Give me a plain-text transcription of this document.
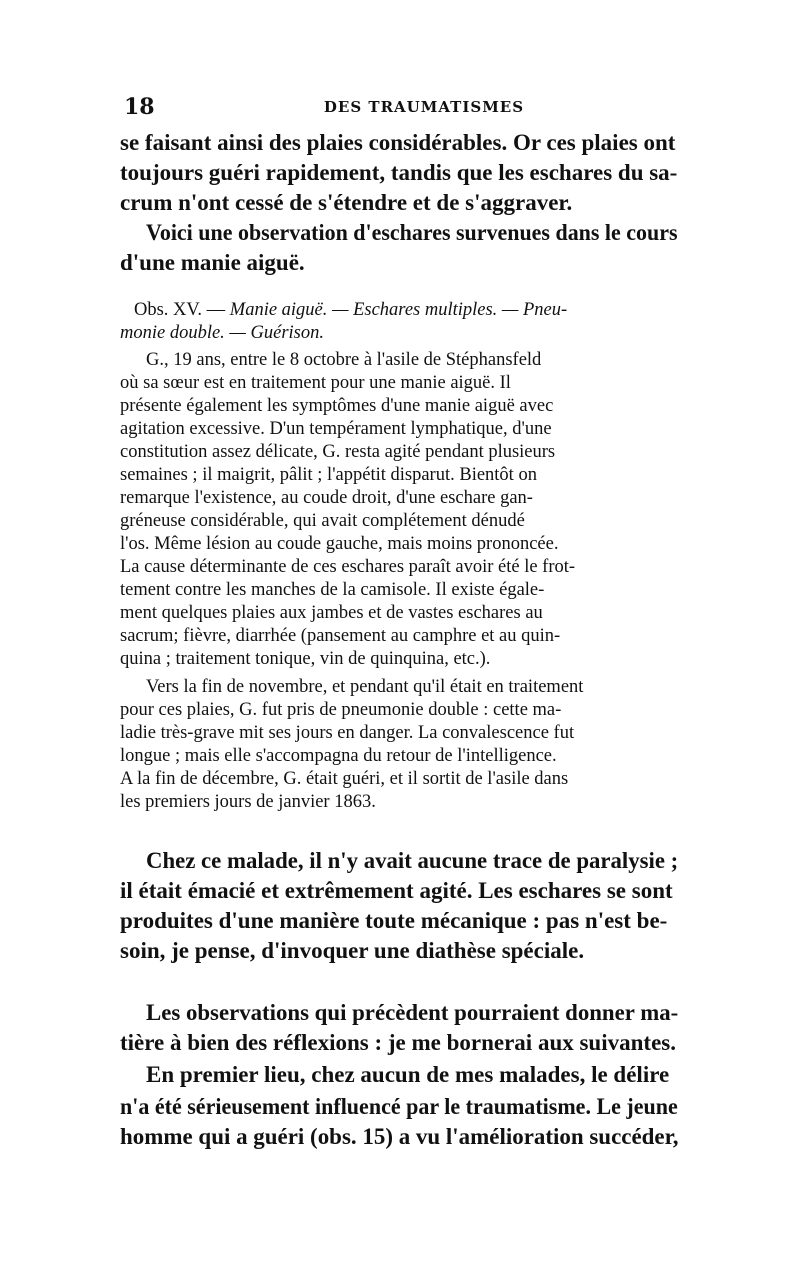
18	DES TRAUMATISMES
se faisant ainsi des plaies considérables. Or ces plaies ont
toujours guéri rapidement, tandis que les eschares du sa-
crum n'ont cessé de s'étendre et de s'aggraver.
Voici une observation d'eschares survenues dans le cours
d'une manie aiguë.
Obs. XV. — Manie aiguë. — Eschares multiples. — Pneu-
monie double. — Guérison.
G., 19 ans, entre le 8 octobre à l'asile de Stéphansfeld
où sa sœur est en traitement pour une manie aiguë. Il
présente également les symptômes d'une manie aiguë avec
agitation excessive. D'un tempérament lymphatique, d'une
constitution assez délicate, G. resta agité pendant plusieurs
semaines ; il maigrit, pâlit ; l'appétit disparut. Bientôt on
remarque l'existence, au coude droit, d'une eschare gan-
gréneuse considérable, qui avait complétement dénudé
l'os. Même lésion au coude gauche, mais moins prononcée.
La cause déterminante de ces eschares paraît avoir été le frot-
tement contre les manches de la camisole. Il existe égale-
ment quelques plaies aux jambes et de vastes eschares au
sacrum; fièvre, diarrhée (pansement au camphre et au quin-
quina ; traitement tonique, vin de quinquina, etc.).
Vers la fin de novembre, et pendant qu'il était en traitement
pour ces plaies, G. fut pris de pneumonie double : cette ma-
ladie très-grave mit ses jours en danger. La convalescence fut
longue ; mais elle s'accompagna du retour de l'intelligence.
A la fin de décembre, G. était guéri, et il sortit de l'asile dans
les premiers jours de janvier 1863.
Chez ce malade, il n'y avait aucune trace de paralysie ;
il était émacié et extrêmement agité. Les eschares se sont
produites d'une manière toute mécanique : pas n'est be-
soin, je pense, d'invoquer une diathèse spéciale.
Les observations qui précèdent pourraient donner ma-
tière à bien des réflexions : je me bornerai aux suivantes.
En premier lieu, chez aucun de mes malades, le délire
n'a été sérieusement influencé par le traumatisme. Le jeune
homme qui a guéri (obs. 15) a vu l'amélioration succéder,
